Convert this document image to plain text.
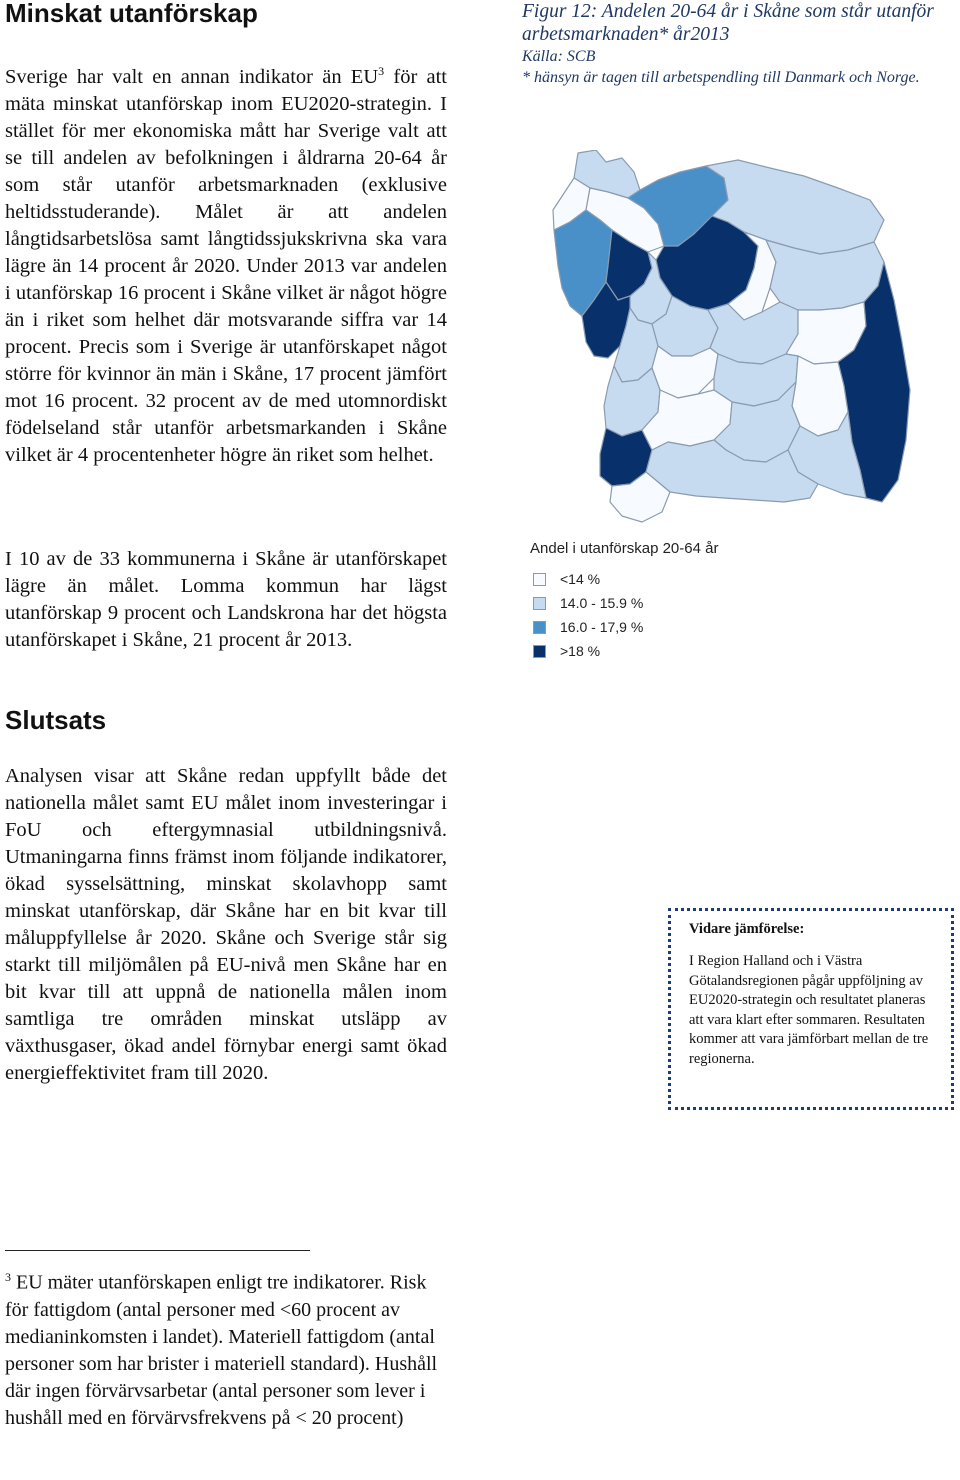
Minskat utanförskap

Sverige har valt en annan indikator än $EU^3$ för att mäta minskat utanförskap inom EU2020-strategin. I stället för mer ekonomiska mått har Sverige valt att se till andelen av befolkningen i åldrarna 20-64 år som står utanför arbetsmarknaden (exklusive heltidsstuderande). Målet är att andelen långtidsarbetslösa samt långtidssjukskrivna ska vara lägre än 14 procent år 2020. Under 2013 var andelen i utanförskap 16 procent i Skåne vilket är något högre än i riket som helhet där motsvarande siffra var 14 procent. Precis som i Sverige är utanförskapet något större för kvinnor än män i Skåne, 17 procent jämfört mot 16 procent. 32 procent av de med utomnordiskt födelseland står utanför arbetsmarkanden i Skåne vilket är 4 procentenheter högre än riket som helhet.

I 10 av de 33 kommunerna i Skåne är utanförskapet lägre än målet. Lomma kommun har lägst utanförskap 9 procent och Landskrona har det högsta utanförskapet i Skåne, 21 procent år 2013.

Figur 12: Andelen 20-64 år i Skåne som står utanför arbetsmarknaden* år2013
Källa: SCB
* hänsyn är tagen till arbetspendling till Danmark och Norge.
Andel i utanförskap 20-64 år
<14 %
14.0 - 15.9 %
16.0 - 17,9 %
>18 %
Slutsats

Analysen visar att Skåne redan uppfyllt både det nationella målet samt EU målet inom investeringar i FoU och eftergymnasial utbildningsnivå. Utmaningarna finns främst inom följande indikatorer, ökad sysselsättning, minskat skolavhopp samt minskat utanförskap, där Skåne har en bit kvar till måluppfyllelse år 2020. Skåne och Sverige står sig starkt till miljömålen på EU-nivå men Skåne har en bit kvar till att uppnå de nationella målen inom samtliga tre områden minskat utsläpp av växthusgaser, ökad andel förnybar energi samt ökad energieffektivitet fram till 2020.

Vidare jämförelse:

I Region Halland och i Västra Götalandsregionen pågår uppföljning av EU2020-strategin och resultatet planeras att vara klart efter sommaren. Resultaten kommer att vara jämförbart mellan de tre regionerna.

$^3$ EU mäter utanförskapen enligt tre indikatorer. Risk för fattigdom (antal personer med <60 procent av medianinkomsten i landet). Materiell fattigdom (antal personer som har brister i materiell standard). Hushåll där ingen förvärvsarbetar (antal personer som lever i hushåll med en förvärvsfrekvens på < 20 procent)
